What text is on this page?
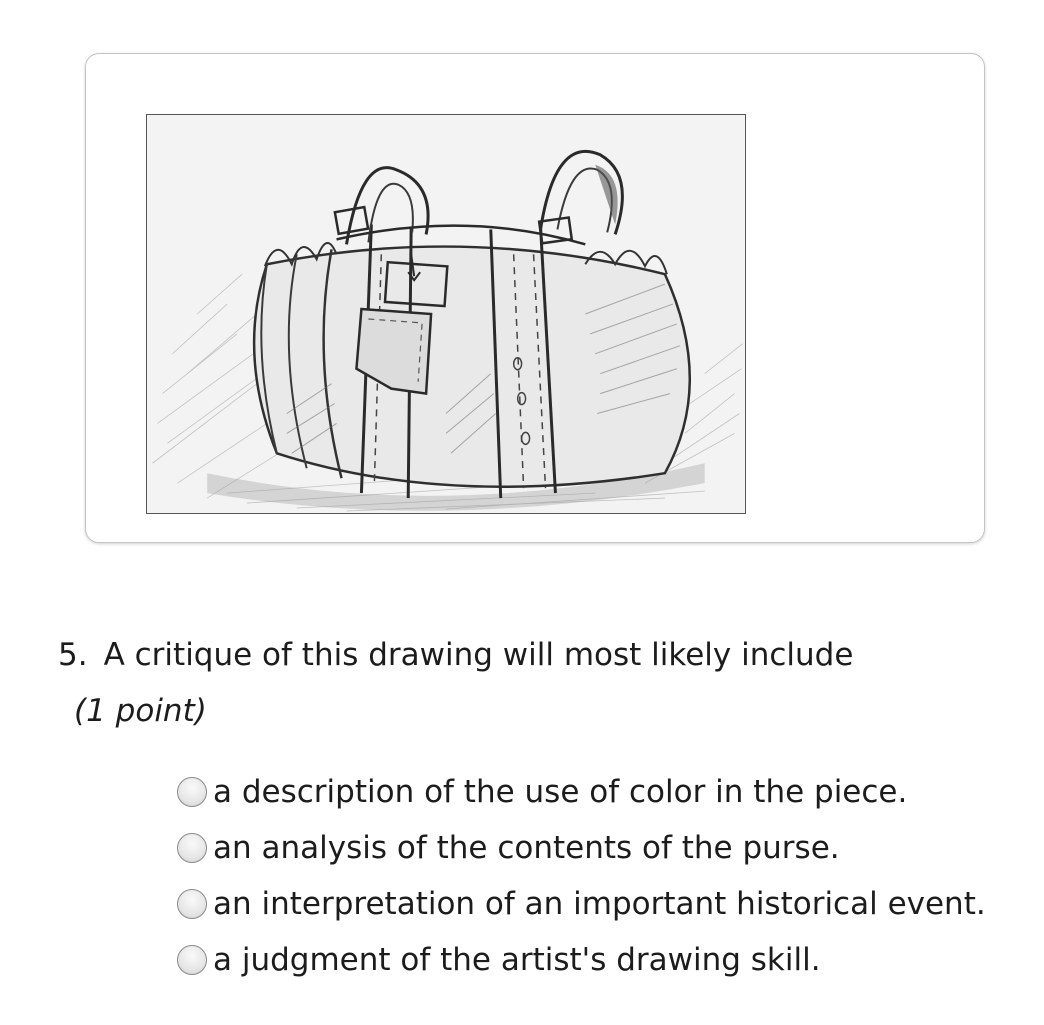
5. A critique of this drawing will most likely include
(1 point)
a description of the use of color in the piece.
an analysis of the contents of the purse.
an interpretation of an important historical event.
a judgment of the artist's drawing skill.
